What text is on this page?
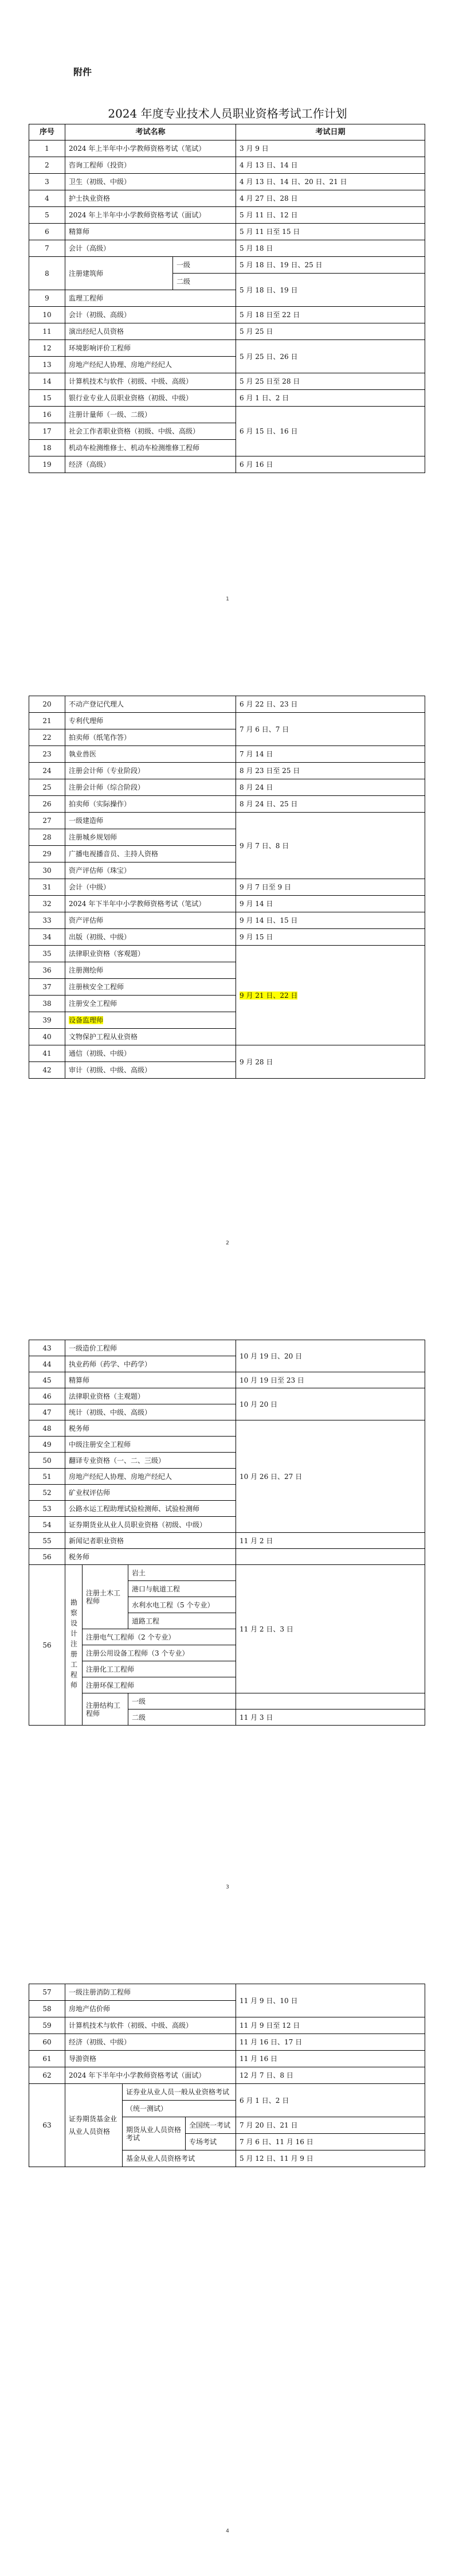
附件
2024 年度专业技术人员职业资格考试工作计划
序号	考试名称		考试日期
1	2024 年上半年中小学教师资格考试（笔试）		3 月 9 日
2	咨询工程师（投资）		4 月 13 日、14 日
3	卫生（初级、中级）		4 月 13 日、14 日、20 日、21 日
4	护士执业资格		4 月 27 日、28 日
5	2024 年上半年中小学教师资格考试（面试）		5 月 11 日、12 日
6	精算师		5 月 11 日至 15 日
7	会计（高级）		5 月 18 日
8	注册建筑师	一级	5 月 18 日、19 日、25 日
		二级	5 月 18 日、19 日
9	监理工程师		
10	会计（初级、高级）		5 月 18 日至 22 日
11	演出经纪人员资格		5 月 25 日
12	环境影响评价工程师		5 月 25 日、26 日
13	房地产经纪人协理、房地产经纪人		
14	计算机技术与软件（初级、中级、高级）		5 月 25 日至 28 日
15	银行业专业人员职业资格（初级、中级）		6 月 1 日、2 日
16	注册计量师（一级、二级）		6 月 15 日、16 日
17	社会工作者职业资格（初级、中级、高级）		
18	机动车检测维修士、机动车检测维修工程师		
19	经济（高级）		6 月 16 日
1
20	不动产登记代理人	6 月 22 日、23 日
21	专利代理师	7 月 6 日、7 日
22	拍卖师（纸笔作答）	
23	執业兽医	7 月 14 日
24	注册会计师（专业阶段）	8 月 23 日至 25 日
25	注册会计师（综合阶段）	8 月 24 日
26	拍卖师（实际操作）	8 月 24 日、25 日
27	一级建造师	9 月 7 日、8 日
28	注册城乡规划师	
29	广播电视播音员、主持人资格	
30	资产评估师（珠宝）	
31	会计（中级）	9 月 7 日至 9 日
32	2024 年下半年中小学教师资格考试（笔试）	9 月 14 日
33	资产评估师	9 月 14 日、15 日
34	出版（初级、中级）	9 月 15 日
35	法律职业资格（客观题）	9 月 21 日、22 日
36	注册测绘师	
37	注册核安全工程师	
38	注册安全工程师	
39	设备监理师	
40	文物保护工程从业资格	
41	通信（初级、中级）	9 月 28 日
42	审计（初级、中级、高级）	
2
43	一级造价工程师			10 月 19 日、20 日
44	执业药师（药学、中药学）			
45	精算师			10 月 19 日至 23 日
46	法律职业资格（主观题）			10 月 20 日
47	统计（初级、中级、高级）			
48	税务师			10 月 26 日、27 日
49	中级注册安全工程师			
50	翻译专业资格（一、二、三级）			
51	房地产经纪人协理、房地产经纪人			
52	矿业权评估师			
53	公路水运工程助理试验检测师、试验检测师			
54	证券期货业从业人员职业资格（初级、中级）			
55	新闻记者职业资格			11 月 2 日
56	税务师			
56	勘察设计注册工程师	注册土木工程师	岩土	11 月 2 日、3 日
			港口与航道工程	
			水利水电工程（5 个专业）	
			道路工程	
		注册电气工程师（2 个专业）		
		注册公用设备工程师（3 个专业）		
		注册化工工程师		
		注册环保工程师		
		注册结构工程师	一级	
			二级	11 月 3 日
3
57	一级注册消防工程师			11 月 9 日、10 日
58	房地产估价师			
59	计算机技术与软件（初级、中级、高级）			11 月 9 日至 12 日
60	经济（初级、中级）			11 月 16 日、17 日
61	导游资格			11 月 16 日
62	2024 年下半年中小学教师资格考试（面试）			12 月 7 日、8 日
63	证券期货基金业从业人员资格	证券业从业人员一般从业资格考试		6 月 1 日、2 日
		（统一测试）		
		期货从业人员资格考试	全国统一考试	7 月 20 日、21 日
			专场考试	7 月 6 日、11 月 16 日
		基金从业人员资格考试		5 月 12 日、11 月 9 日
4
